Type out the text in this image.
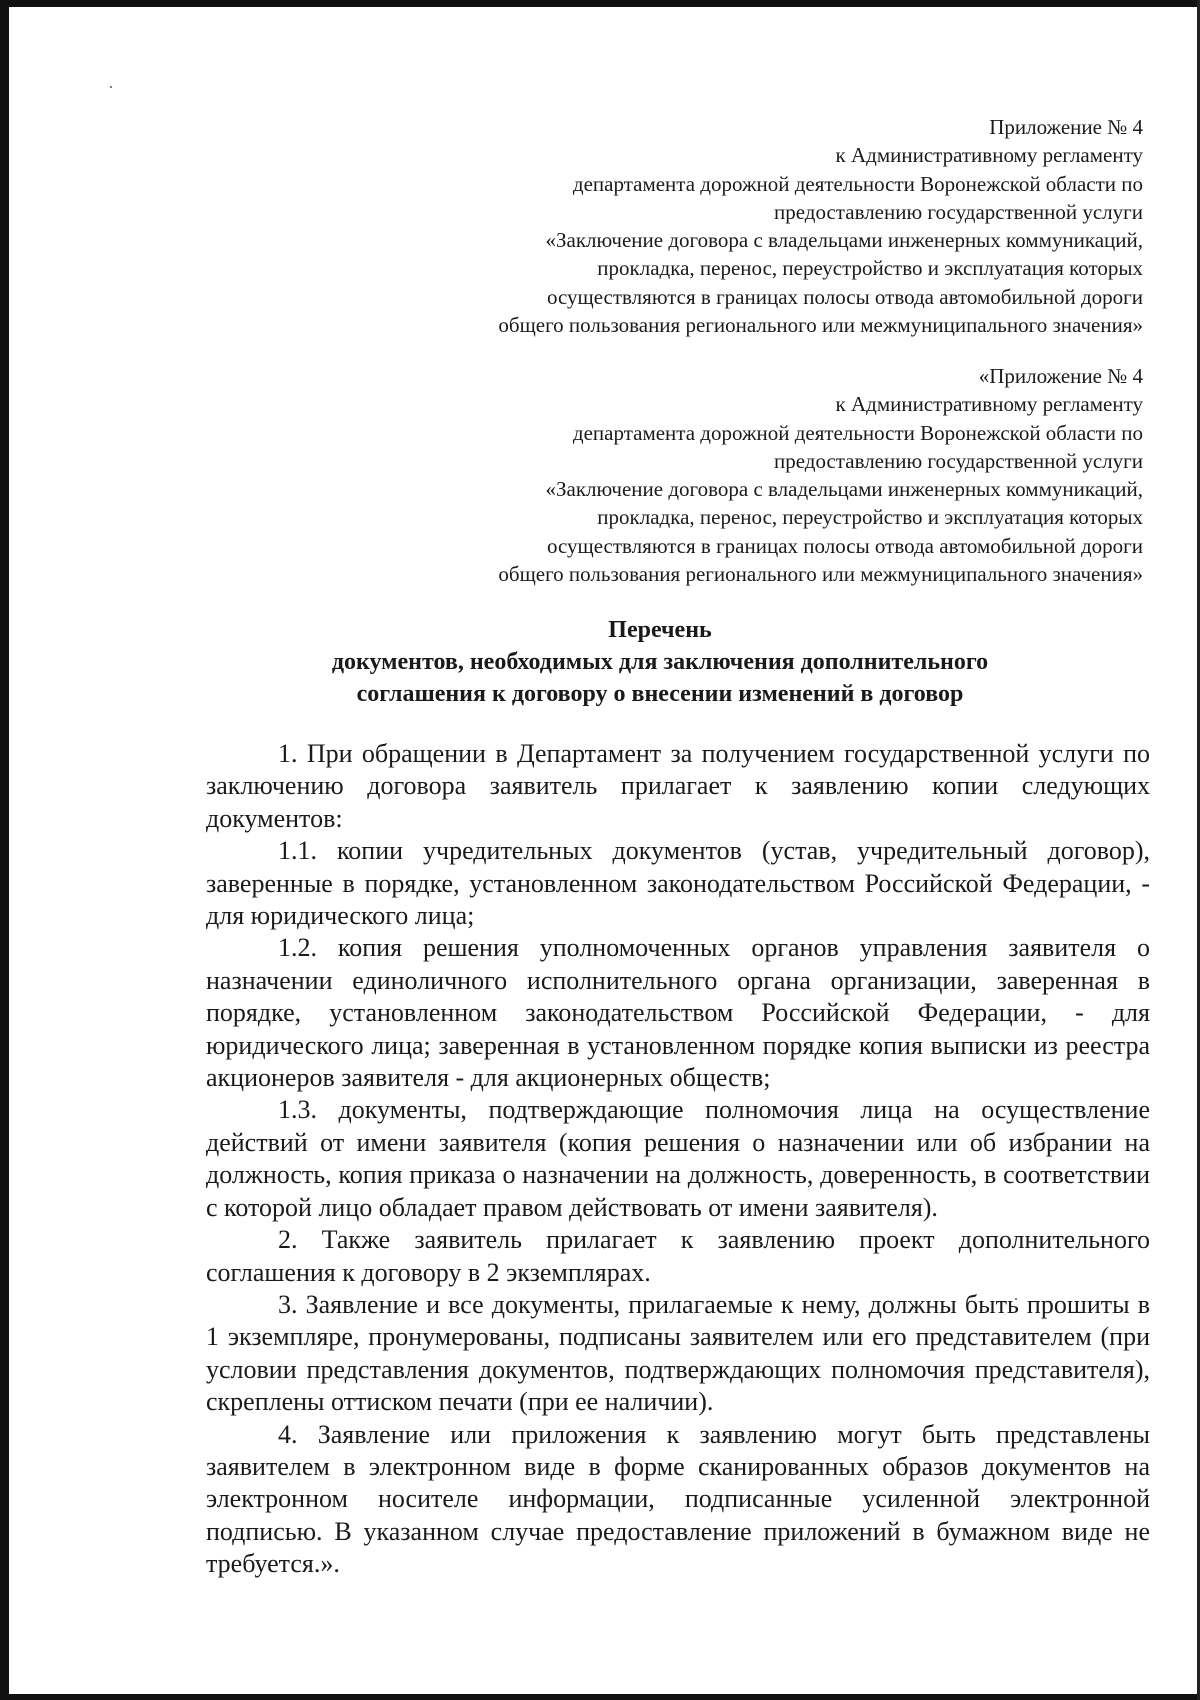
Приложение № 4
к Административному регламенту
департамента дорожной деятельности Воронежской области по
предоставлению государственной услуги
«Заключение договора с владельцами инженерных коммуникаций,
прокладка, перенос, переустройство и эксплуатация которых
осуществляются в границах полосы отвода автомобильной дороги
общего пользования регионального или межмуниципального значения»
«Приложение № 4
к Административному регламенту
департамента дорожной деятельности Воронежской области по
предоставлению государственной услуги
«Заключение договора с владельцами инженерных коммуникаций,
прокладка, перенос, переустройство и эксплуатация которых
осуществляются в границах полосы отвода автомобильной дороги
общего пользования регионального или межмуниципального значения»
Перечень
документов, необходимых для заключения дополнительного
соглашения к договору о внесении изменений в договор

1. При обращении в Департамент за получением государственной услуги по заключению договора заявитель прилагает к заявлению копии следующих документов:

1.1. копии учредительных документов (устав, учредительный договор), заверенные в порядке, установленном законодательством Российской Федерации, - для юридического лица;

1.2. копия решения уполномоченных органов управления заявителя о назначении единоличного исполнительного органа организации, заверенная в порядке, установленном законодательством Российской Федерации, - для юридического лица; заверенная в установленном порядке копия выписки из реестра акционеров заявителя - для акционерных обществ;

1.3. документы, подтверждающие полномочия лица на осуществление действий от имени заявителя (копия решения о назначении или об избрании на должность, копия приказа о назначении на должность, доверенность, в соответствии с которой лицо обладает правом действовать от имени заявителя).

2. Также заявитель прилагает к заявлению проект дополнительного соглашения к договору в 2 экземплярах.

3. Заявление и все документы, прилагаемые к нему, должны быть прошиты в 1 экземпляре, пронумерованы, подписаны заявителем или его представителем (при условии представления документов, подтверждающих полномочия представителя), скреплены оттиском печати (при ее наличии).

4. Заявление или приложения к заявлению могут быть представлены заявителем в электронном виде в форме сканированных образов документов на электронном носителе информации, подписанные усиленной электронной подписью. В указанном случае предоставление приложений в бумажном виде не требуется.».
